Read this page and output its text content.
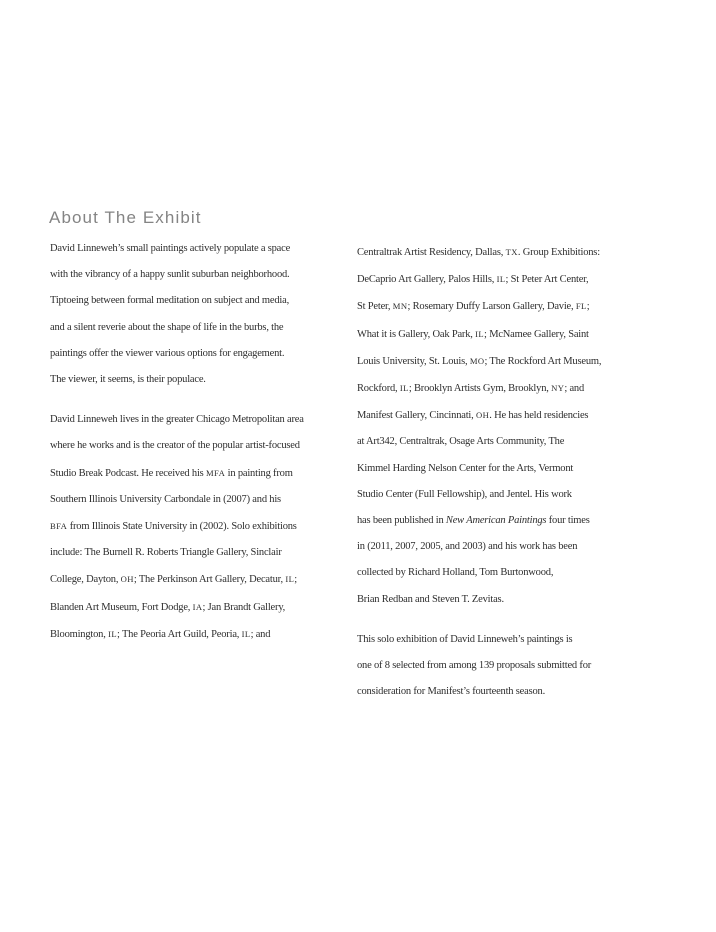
About The Exhibit
David Linneweh’s small paintings actively populate a space
with the vibrancy of a happy sunlit suburban neighborhood.
Tiptoeing between formal meditation on subject and media,
and a silent reverie about the shape of life in the burbs, the
paintings offer the viewer various options for engagement.
The viewer, it seems, is their populace.
David Linneweh lives in the greater Chicago Metropolitan area
where he works and is the creator of the popular artist-focused
Studio Break Podcast. He received his MFA in painting from
Southern Illinois University Carbondale in (2007) and his
BFA from Illinois State University in (2002). Solo exhibitions
include: The Burnell R. Roberts Triangle Gallery, Sinclair
College, Dayton, OH; The Perkinson Art Gallery, Decatur, IL;
Blanden Art Museum, Fort Dodge, IA; Jan Brandt Gallery,
Bloomington, IL; The Peoria Art Guild, Peoria, IL; and
Centraltrak Artist Residency, Dallas, TX. Group Exhibitions:
DeCaprio Art Gallery, Palos Hills, IL; St Peter Art Center,
St Peter, MN; Rosemary Duffy Larson Gallery, Davie, FL;
What it is Gallery, Oak Park, IL; McNamee Gallery, Saint
Louis University, St. Louis, MO; The Rockford Art Museum,
Rockford, IL; Brooklyn Artists Gym, Brooklyn, NY; and
Manifest Gallery, Cincinnati, OH. He has held residencies
at Art342, Centraltrak, Osage Arts Community, The
Kimmel Harding Nelson Center for the Arts, Vermont
Studio Center (Full Fellowship), and Jentel. His work
has been published in New American Paintings four times
in (2011, 2007, 2005, and 2003) and his work has been
collected by Richard Holland, Tom Burtonwood,
Brian Redban and Steven T. Zevitas.
This solo exhibition of David Linneweh’s paintings is
one of 8 selected from among 139 proposals submitted for
consideration for Manifest’s fourteenth season.
